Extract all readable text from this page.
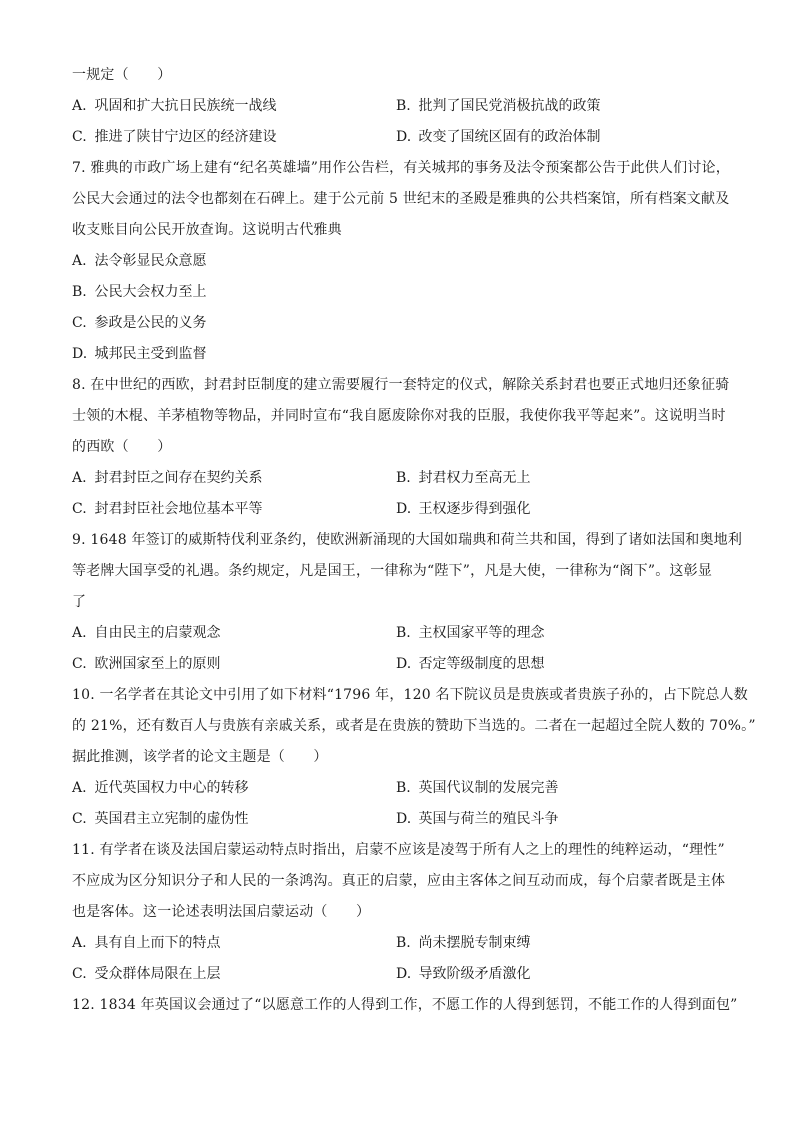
一规定（　　）
A. 巩固和扩大抗日民族统一战线	B. 批判了国民党消极抗战的政策
C. 推进了陕甘宁边区的经济建设	D. 改变了国统区固有的政治体制
7. 雅典的市政广场上建有“纪名英雄墙”用作公告栏，有关城邦的事务及法令预案都公告于此供人们讨论，
公民大会通过的法令也都刻在石碑上。建于公元前 5 世纪末的圣殿是雅典的公共档案馆，所有档案文献及
收支账目向公民开放查询。这说明古代雅典
A. 法令彰显民众意愿
B. 公民大会权力至上
C. 参政是公民的义务
D. 城邦民主受到监督
8. 在中世纪的西欧，封君封臣制度的建立需要履行一套特定的仪式，解除关系封君也要正式地归还象征骑
士领的木棍、羊茅植物等物品，并同时宣布“我自愿废除你对我的臣服，我使你我平等起来”。这说明当时
的西欧（　　）
A. 封君封臣之间存在契约关系	B. 封君权力至高无上
C. 封君封臣社会地位基本平等	D. 王权逐步得到强化
9. 1648 年签订的威斯特伐利亚条约，使欧洲新涌现的大国如瑞典和荷兰共和国，得到了诸如法国和奥地利
等老牌大国享受的礼遇。条约规定，凡是国王，一律称为“陛下”，凡是大使，一律称为“阁下”。这彰显
了
A. 自由民主的启蒙观念	B. 主权国家平等的理念
C. 欧洲国家至上的原则	D. 否定等级制度的思想
10. 一名学者在其论文中引用了如下材料“1796 年，120 名下院议员是贵族或者贵族子孙的，占下院总人数
的 21%，还有数百人与贵族有亲戚关系，或者是在贵族的赞助下当选的。二者在一起超过全院人数的 70%。”
据此推测，该学者的论文主题是（　　）
A. 近代英国权力中心的转移	B. 英国代议制的发展完善
C. 英国君主立宪制的虚伪性	D. 英国与荷兰的殖民斗争
11. 有学者在谈及法国启蒙运动特点时指出，启蒙不应该是凌驾于所有人之上的理性的纯粹运动，“理性”
不应成为区分知识分子和人民的一条鸿沟。真正的启蒙，应由主客体之间互动而成，每个启蒙者既是主体
也是客体。这一论述表明法国启蒙运动（　　）
A. 具有自上而下的特点	B. 尚未摆脱专制束缚
C. 受众群体局限在上层	D. 导致阶级矛盾激化
12. 1834 年英国议会通过了“以愿意工作的人得到工作，不愿工作的人得到惩罚，不能工作的人得到面包”
